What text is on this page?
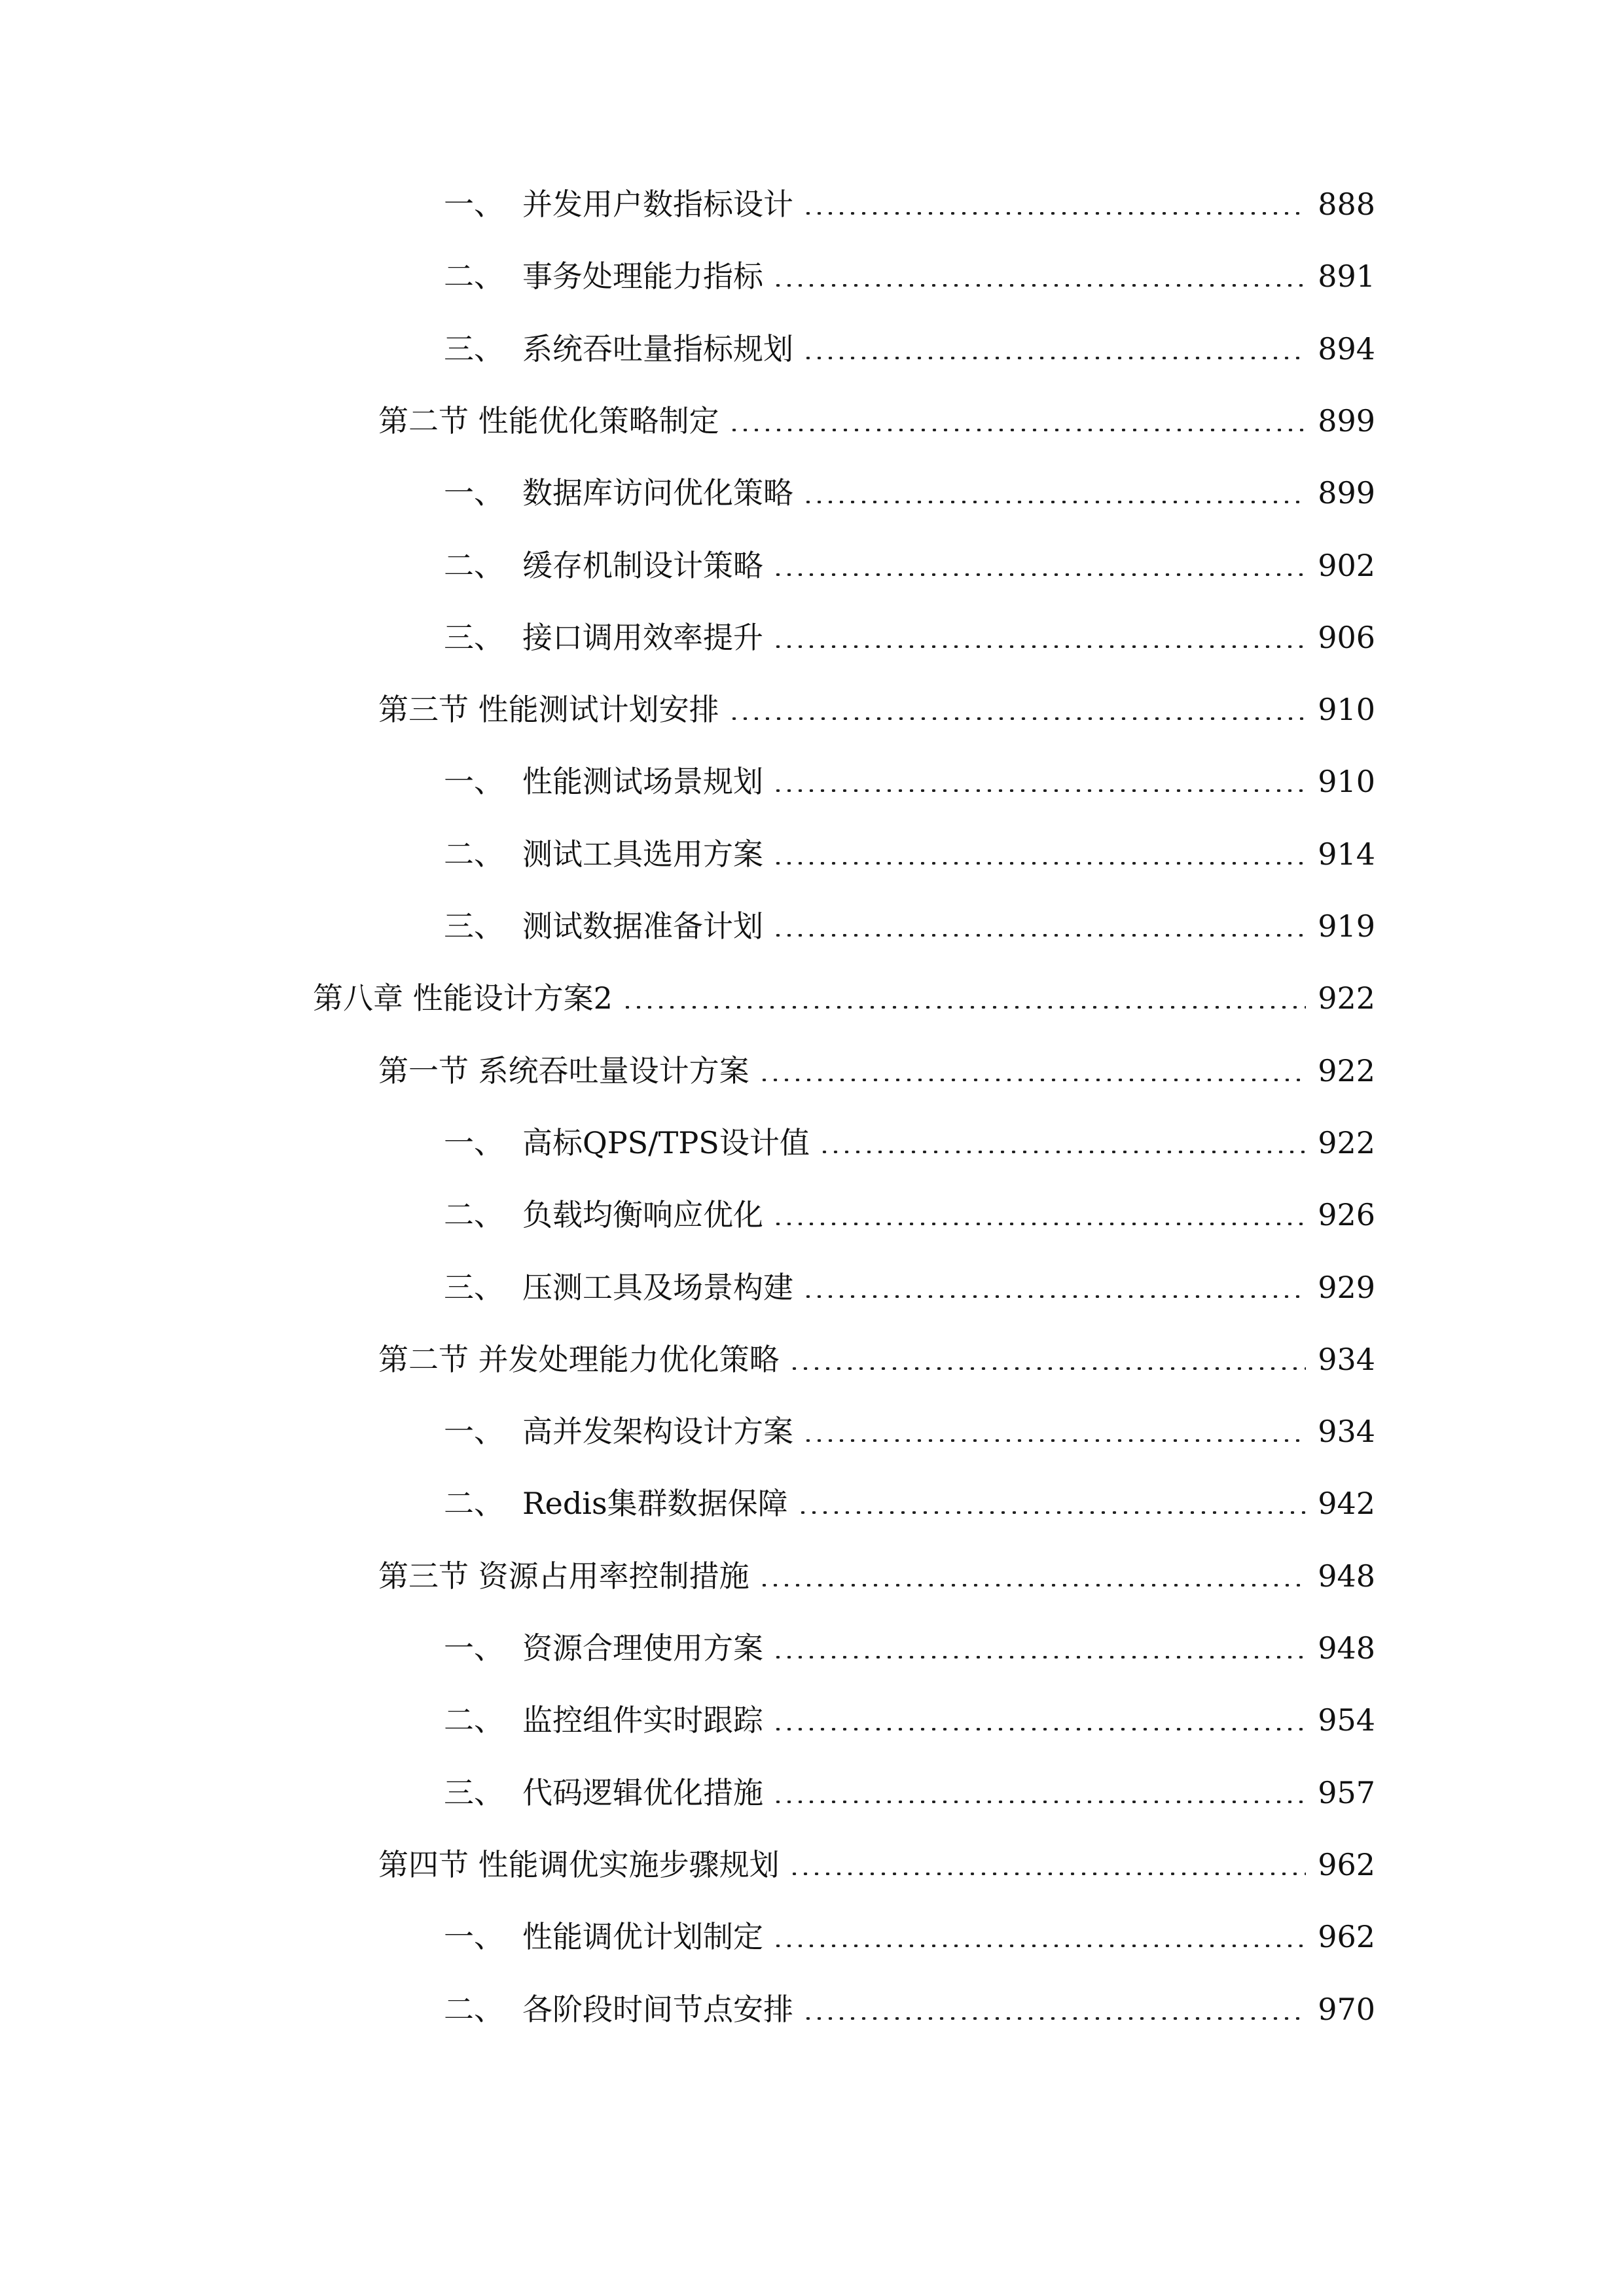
一、 并发用户数指标设计	888
二、 事务处理能力指标	891
三、 系统吞吐量指标规划	894
第二节 性能优化策略制定	899
一、 数据库访问优化策略	899
二、 缓存机制设计策略	902
三、 接口调用效率提升	906
第三节 性能测试计划安排	910
一、 性能测试场景规划	910
二、 测试工具选用方案	914
三、 测试数据准备计划	919
第八章 性能设计方案2	922
第一节 系统吞吐量设计方案	922
一、 高标QPS/TPS设计值	922
二、 负载均衡响应优化	926
三、 压测工具及场景构建	929
第二节 并发处理能力优化策略	934
一、 高并发架构设计方案	934
二、 Redis集群数据保障	942
第三节 资源占用率控制措施	948
一、 资源合理使用方案	948
二、 监控组件实时跟踪	954
三、 代码逻辑优化措施	957
第四节 性能调优实施步骤规划	962
一、 性能调优计划制定	962
二、 各阶段时间节点安排	970
